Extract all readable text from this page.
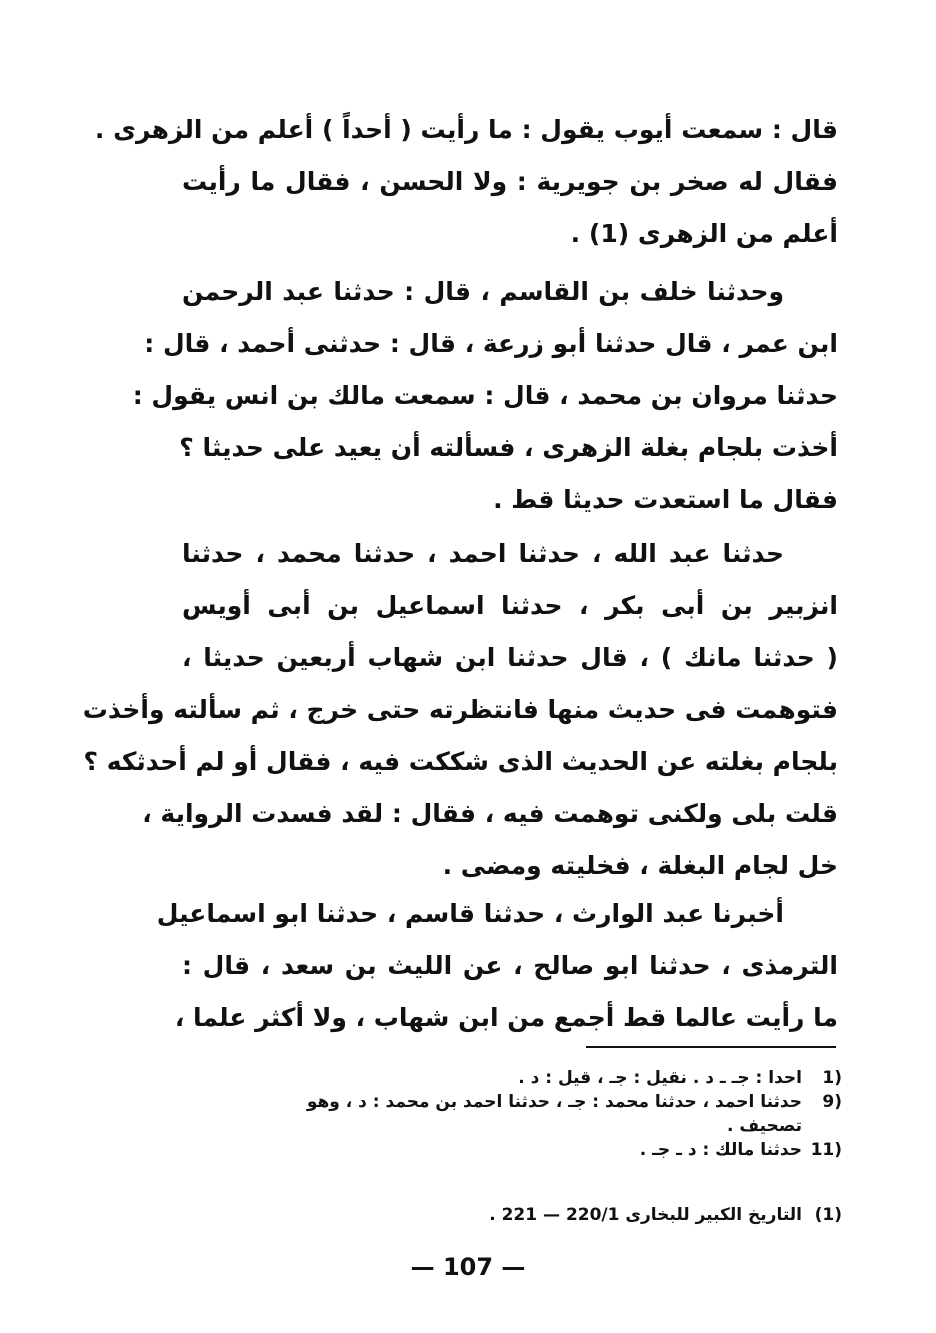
قال : سمعت أيوب يقول : ما رأيت ( أحداً ) أعلم من الزهرى .
فقال له صخر بن جويرية : ولا الحسن ، فقال ما رأيت
أعلم من الزهرى (1) .
وحدثنا خلف بن القاسم ، قال : حدثنا عبد الرحمن
ابن عمر ، قال حدثنا أبو زرعة ، قال : حدثنى أحمد ، قال :
حدثنا مروان بن محمد ، قال : سمعت مالك بن انس يقول :
أخذت بلجام بغلة الزهرى ، فسألته أن يعيد على حديثا ؟
فقال ما استعدت حديثا قط .
حدثنا عبد الله ، حدثنا احمد ، حدثنا محمد ، حدثنا
انزبير بن أبى بكر ، حدثنا اسماعيل بن أبى أويس
( حدثنا مانك ) ، قال حدثنا ابن شهاب أربعين حديثا ،
فتوهمت فى حديث منها فانتظرته حتى خرج ، ثم سألته وأخذت
بلجام بغلته عن الحديث الذى شككت فيه ، فقال أو لم أحدثكه ؟
قلت بلى ولكنى توهمت فيه ، فقال : لقد فسدت الرواية ،
خل لجام البغلة ، فخليته ومضى .
أخبرنا عبد الوارث ، حدثنا قاسم ، حدثنا ابو اسماعيل
الترمذى ، حدثنا ابو صالح ، عن الليث بن سعد ، قال :
ما رأيت عالما قط أجمع من ابن شهاب ، ولا أكثر علما ،
1)
احدا : جـ ـ د . نقيل : جـ ، قيل : د .
9)
حدثنا احمد ، حدثنا محمد : جـ ، حدثنا احمد بن محمد : د ، وهو
تصحيف .
11)
حدثنا مالك : د ـ جـ .
(1)
التاريخ الكبير للبخارى 220/1 — 221 .
— 107 —
